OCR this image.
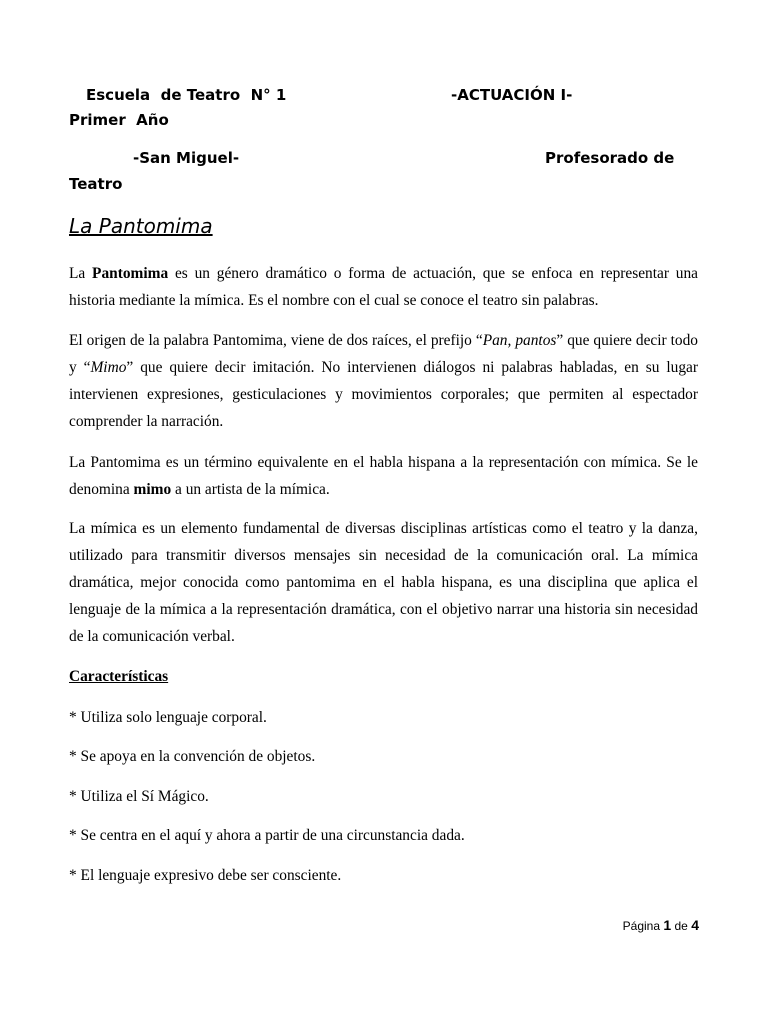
Escuela  de Teatro  N° 1	-ACTUACIÓN I-
Primer  Año
-San Miguel-	Profesorado de
Teatro
La Pantomima
La Pantomima es un género dramático o forma de actuación, que se enfoca en representar una historia mediante la mímica. Es el nombre con el cual se conoce el teatro sin palabras.
El origen de la palabra Pantomima, viene de dos raíces, el prefijo “Pan, pantos” que quiere decir todo y “Mimo” que quiere decir imitación. No intervienen diálogos ni palabras habladas, en su lugar intervienen expresiones, gesticulaciones y movimientos corporales; que permiten al espectador comprender la narración.
La Pantomima es un término equivalente en el habla hispana a la representación con mímica. Se le denomina mimo a un artista de la mímica.
La mímica es un elemento fundamental de diversas disciplinas artísticas como el teatro y la danza, utilizado para transmitir diversos mensajes sin necesidad de la comunicación oral. La mímica dramática, mejor conocida como pantomima en el habla hispana, es una disciplina que aplica el lenguaje de la mímica a la representación dramática, con el objetivo narrar una historia sin necesidad de la comunicación verbal.
Características
* Utiliza solo lenguaje corporal.
* Se apoya en la convención de objetos.
* Utiliza el Sí Mágico.
* Se centra en el aquí y ahora a partir de una circunstancia dada.
* El lenguaje expresivo debe ser consciente.
Página 1 de 4
